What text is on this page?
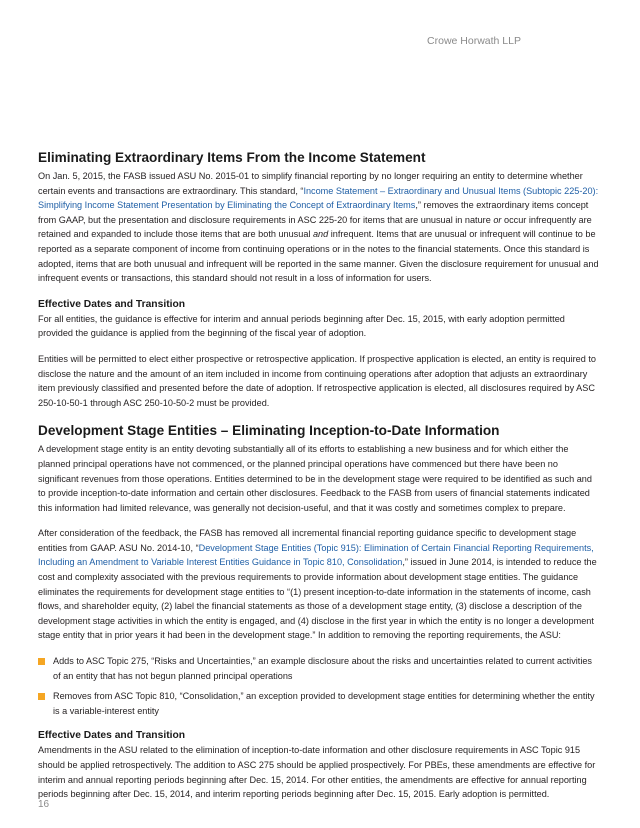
Crowe Horwath LLP
Eliminating Extraordinary Items From the Income Statement

On Jan. 5, 2015, the FASB issued ASU No. 2015-01 to simplify financial reporting by no longer requiring an entity to determine whether certain events and transactions are extraordinary. This standard, “Income Statement – Extraordinary and Unusual Items (Subtopic 225-20): Simplifying Income Statement Presentation by Eliminating the Concept of Extraordinary Items,” removes the extraordinary items concept from GAAP, but the presentation and disclosure requirements in ASC 225-20 for items that are unusual in nature or occur infrequently are retained and expanded to include those items that are both unusual and infrequent. Items that are unusual or infrequent will continue to be reported as a separate component of income from continuing operations or in the notes to the financial statements. Once this standard is adopted, items that are both unusual and infrequent will be reported in the same manner. Given the disclosure requirement for unusual and infrequent events or transactions, this standard should not result in a loss of information for users.

Effective Dates and Transition

For all entities, the guidance is effective for interim and annual periods beginning after Dec. 15, 2015, with early adoption permitted provided the guidance is applied from the beginning of the fiscal year of adoption.

Entities will be permitted to elect either prospective or retrospective application. If prospective application is elected, an entity is required to disclose the nature and the amount of an item included in income from continuing operations after adoption that adjusts an extraordinary item previously classified and presented before the date of adoption. If retrospective application is elected, all disclosures required by ASC 250-10-50-1 through ASC 250-10-50-2 must be provided.

Development Stage Entities – Eliminating Inception-to-Date Information

A development stage entity is an entity devoting substantially all of its efforts to establishing a new business and for which either the planned principal operations have not commenced, or the planned principal operations have commenced but there have been no significant revenues from those operations. Entities determined to be in the development stage were required to be identified as such and to provide inception-to-date information and certain other disclosures. Feedback to the FASB from users of financial statements indicated this information had limited relevance, was generally not decision-useful, and that it was costly and sometimes complex to prepare.

After consideration of the feedback, the FASB has removed all incremental financial reporting guidance specific to development stage entities from GAAP. ASU No. 2014-10, “Development Stage Entities (Topic 915): Elimination of Certain Financial Reporting Requirements, Including an Amendment to Variable Interest Entities Guidance in Topic 810, Consolidation,” issued in June 2014, is intended to reduce the cost and complexity associated with the previous requirements to provide information about development stage entities. The guidance eliminates the requirements for development stage entities to “(1) present inception-to-date information in the statements of income, cash flows, and shareholder equity, (2) label the financial statements as those of a development stage entity, (3) disclose a description of the development stage activities in which the entity is engaged, and (4) disclose in the first year in which the entity is no longer a development stage entity that in prior years it had been in the development stage.” In addition to removing the reporting requirements, the ASU:

Adds to ASC Topic 275, “Risks and Uncertainties,” an example disclosure about the risks and uncertainties related to current activities of an entity that has not begun planned principal operations
Removes from ASC Topic 810, “Consolidation,” an exception provided to development stage entities for determining whether the entity is a variable-interest entity
Effective Dates and Transition

Amendments in the ASU related to the elimination of inception-to-date information and other disclosure requirements in ASC Topic 915 should be applied retrospectively. The addition to ASC 275 should be applied prospectively. For PBEs, these amendments are effective for interim and annual reporting periods beginning after Dec. 15, 2014. For other entities, the amendments are effective for annual reporting periods beginning after Dec. 15, 2014, and interim reporting periods beginning after Dec. 15, 2015. Early adoption is permitted.

16
